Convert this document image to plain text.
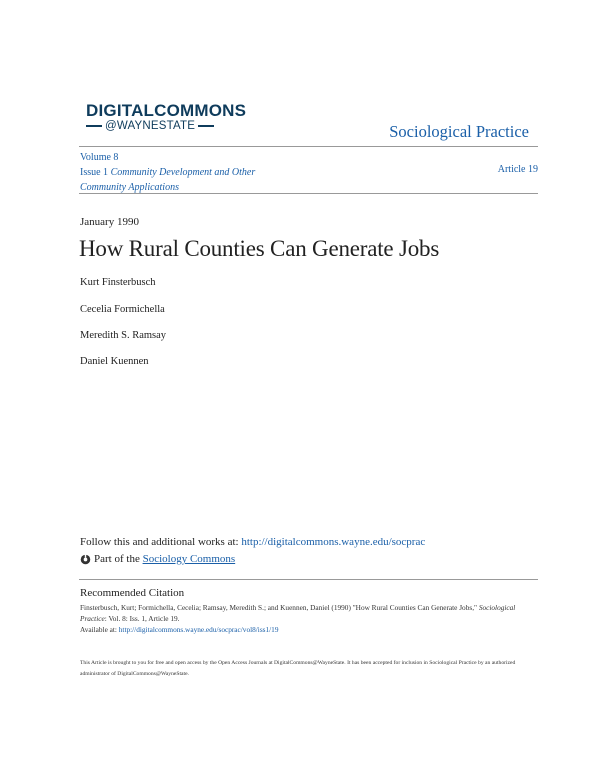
DIGITALCOMMONS
@WAYNESTATE	Sociological Practice
Volume 8
Issue 1 Community Development and Other Community Applications
Article 19
January 1990
How Rural Counties Can Generate Jobs
Kurt Finsterbusch
Cecelia Formichella
Meredith S. Ramsay
Daniel Kuennen
Follow this and additional works at: http://digitalcommons.wayne.edu/socprac
Part of the
Sociology Commons
Recommended Citation
Finsterbusch, Kurt; Formichella, Cecelia; Ramsay, Meredith S.; and Kuennen, Daniel (1990) "How Rural Counties Can Generate Jobs," Sociological Practice: Vol. 8: Iss. 1, Article 19.
Available at: http://digitalcommons.wayne.edu/socprac/vol8/iss1/19
This Article is brought to you for free and open access by the Open Access Journals at DigitalCommons@WayneState. It has been accepted for inclusion in Sociological Practice by an authorized administrator of DigitalCommons@WayneState.
